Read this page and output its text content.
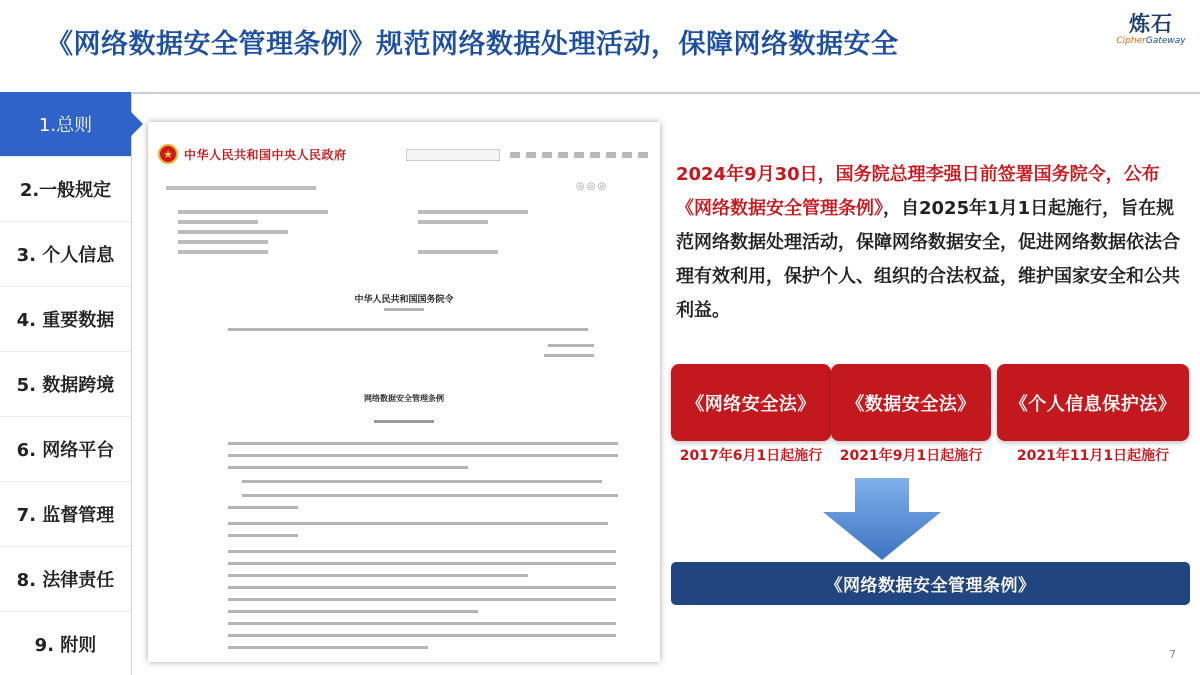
《网络数据安全管理条例》规范网络数据处理活动，保障网络数据安全
炼石
CipherGateway
1.总则
2.一般规定
3. 个人信息
4. 重要数据
5. 数据跨境
6. 网络平台
7. 监督管理
8. 法律责任
9. 附则
★ 中华人民共和国中央人民政府
◎◎◎
中华人民共和国国务院令
网络数据安全管理条例
2024年9月30日，国务院总理李强日前签署国务院令，公布《网络数据安全管理条例》，自2025年1月1日起施行，旨在规范网络数据处理活动，保障网络数据安全，促进网络数据依法合理有效利用，保护个人、组织的合法权益，维护国家安全和公共利益。
《网络安全法》
2017年6月1日起施行
《数据安全法》
2021年9月1日起施行
《个人信息保护法》
2021年11月1日起施行
《网络数据安全管理条例》
7
